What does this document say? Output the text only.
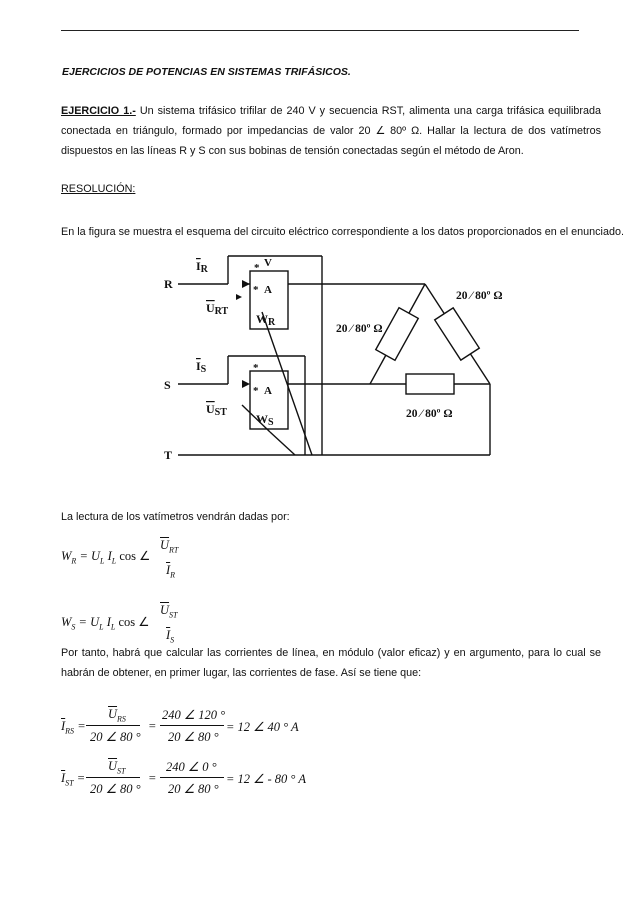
EJERCICIOS DE POTENCIAS EN SISTEMAS TRIFÁSICOS.
EJERCICIO 1.- Un sistema trifásico trifilar de 240 V y secuencia RST, alimenta una carga trifásica equilibrada conectada en triángulo, formado por impedancias de valor 20 ∠ 80º Ω. Hallar la lectura de dos vatímetros dispuestos en las líneas R y S con sus bobinas de tensión conectadas según el método de Aron.
RESOLUCIÓN:
En la figura se muestra el esquema del circuito eléctrico correspondiente a los datos proporcionados en el enunciado.
R
S
T
IR
IS
URT
UST
WR
WS
V
A
A
*
*
*
*
20 ⁄ 80º Ω
20 ⁄ 80º Ω
20 ⁄ 80º Ω
La lectura de los vatímetros vendrán dadas por:
$W_R = U_L$ $I_L$ cos ∠
$\overline{U}_{RT}$
$\overline{I}_R$
$W_S = U_L$ $I_L$ cos ∠
$\overline{U}_{ST}$
$\overline{I}_S$
Por tanto, habrá que calcular las corrientes de línea, en módulo (valor eficaz) y en argumento, para lo cual se habrán de obtener, en primer lugar, las corrientes de fase. Así se tiene que:
$\overline{I}_{RS}$ =
$\overline{U}_{RS}$
20 ∠ 80 °
=
240 ∠ 120 °
20 ∠ 80 °
= 12 ∠ 40 ° A
$\overline{I}_{ST}$ =
$\overline{U}_{ST}$
20 ∠ 80 °
=
240 ∠ 0 °
20 ∠ 80 °
= 12 ∠ - 80 ° A
